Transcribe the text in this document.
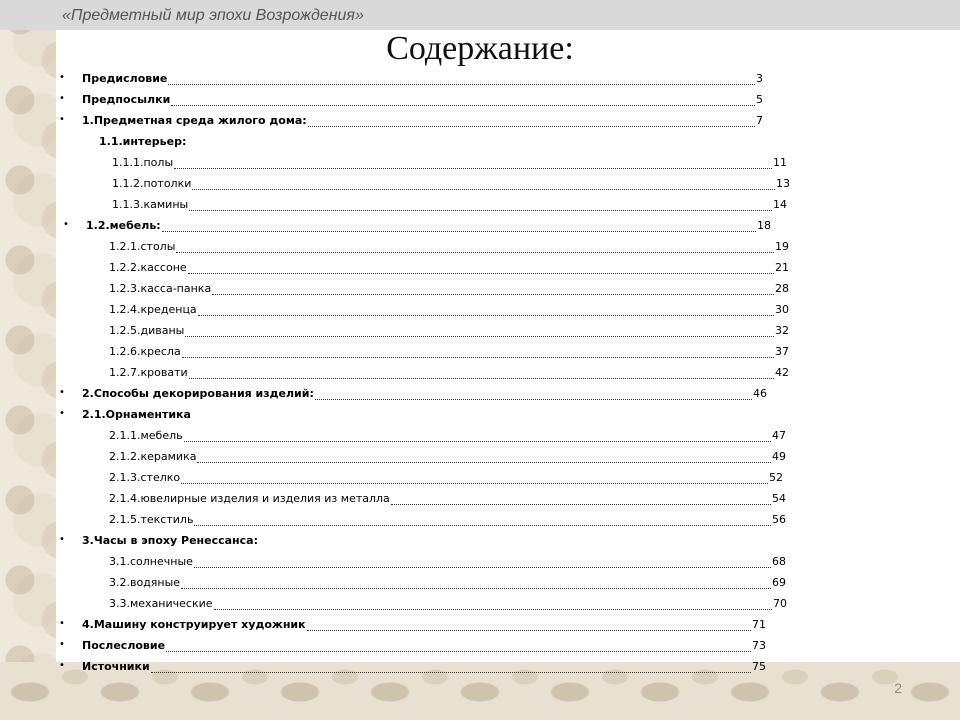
«Предметный мир эпохи Возрождения»
Содержание:
• Предисловие	3
• Предпосылки	5
• 1.Предметная среда жилого дома:	7
1.1.интерьер:
1.1.1.полы	11
1.1.2.потолки	13
1.1.3.камины	14
• 1.2.мебель:	18
1.2.1.столы	19
1.2.2.кассоне	21
1.2.3.касса-панка	28
1.2.4.креденца	30
1.2.5.диваны	32
1.2.6.кресла	37
1.2.7.кровати	42
• 2.Способы декорирования изделий:	46
• 2.1.Орнаментика
2.1.1.мебель	47
2.1.2.керамика	49
2.1.3.стелко	52
2.1.4.ювелирные изделия и изделия из металла	54
2.1.5.текстиль	56
• 3.Часы в эпоху Ренессанса:
3.1.солнечные	68
3.2.водяные	69
3.3.механические	70
• 4.Машину конструирует художник	71
• Послесловие	73
• Источники	75
2
